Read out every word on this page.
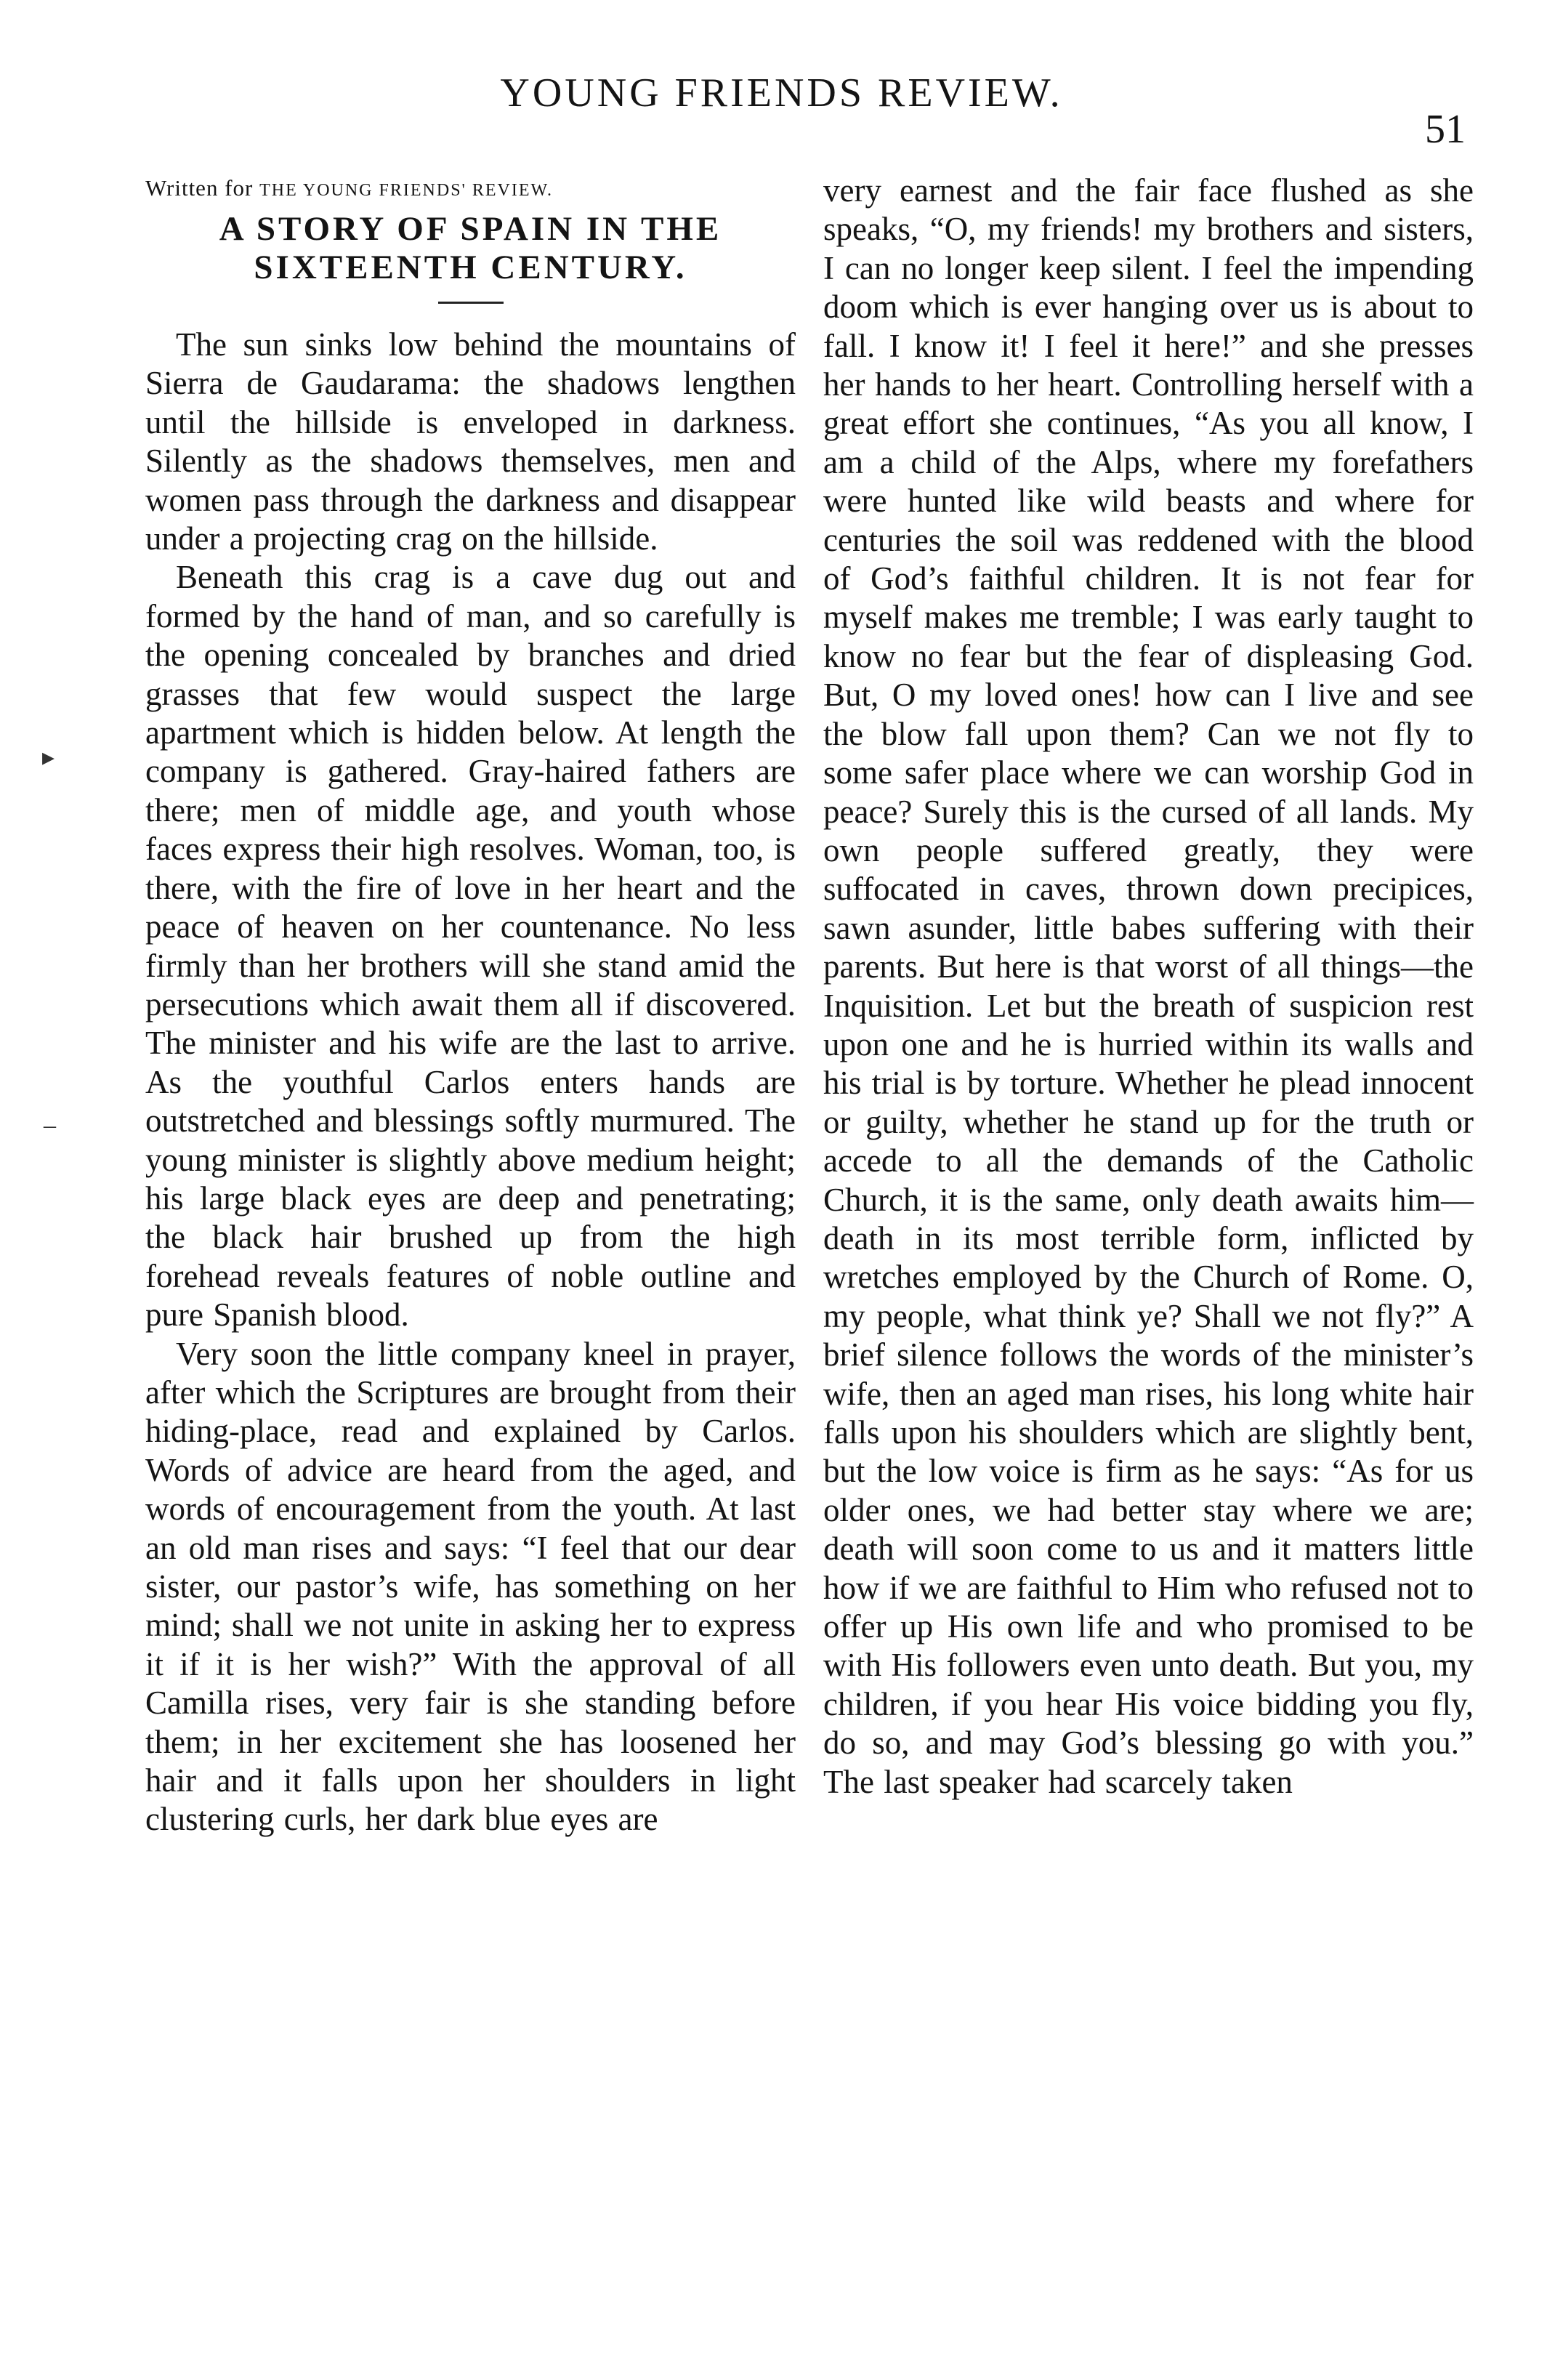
YOUNG FRIENDS REVIEW.
51
▸
–
Written for THE YOUNG FRIENDS' REVIEW.
A STORY OF SPAIN IN THE
SIXTEENTH CENTURY.

The sun sinks low behind the mountains of Sierra de Gaudarama: the shadows lengthen until the hillside is enveloped in darkness. Silently as the shadows themselves, men and women pass through the darkness and disappear under a projecting crag on the hillside.

Beneath this crag is a cave dug out and formed by the hand of man, and so carefully is the opening concealed by branches and dried grasses that few would suspect the large apartment which is hidden below. At length the company is gathered. Gray-haired fathers are there; men of middle age, and youth whose faces express their high resolves. Woman, too, is there, with the fire of love in her heart and the peace of heaven on her countenance. No less firmly than her brothers will she stand amid the persecutions which await them all if discovered. The minister and his wife are the last to arrive. As the youthful Carlos enters hands are outstretched and blessings softly murmured. The young minister is slightly above medium height; his large black eyes are deep and penetrating; the black hair brushed up from the high forehead reveals features of noble outline and pure Spanish blood.

Very soon the little company kneel in prayer, after which the Scriptures are brought from their hiding-place, read and explained by Carlos. Words of advice are heard from the aged, and words of encouragement from the youth. At last an old man rises and says: “I feel that our dear sister, our pastor’s wife, has something on her mind; shall we not unite in asking her to express it if it is her wish?” With the approval of all Camilla rises, very fair is she standing before them; in her excitement she has loosened her hair and it falls upon her shoulders in light clustering curls, her dark blue eyes are

very earnest and the fair face flushed as she speaks, “O, my friends! my brothers and sisters, I can no longer keep silent. I feel the impending doom which is ever hanging over us is about to fall. I know it! I feel it here!” and she presses her hands to her heart. Controlling herself with a great effort she continues, “As you all know, I am a child of the Alps, where my forefathers were hunted like wild beasts and where for centuries the soil was reddened with the blood of God’s faithful children. It is not fear for myself makes me tremble; I was early taught to know no fear but the fear of displeasing God. But, O my loved ones! how can I live and see the blow fall upon them? Can we not fly to some safer place where we can worship God in peace? Surely this is the cursed of all lands. My own people suffered greatly, they were suffocated in caves, thrown down precipices, sawn asunder, little babes suffering with their parents. But here is that worst of all things—the Inquisition. Let but the breath of suspicion rest upon one and he is hurried within its walls and his trial is by torture. Whether he plead innocent or guilty, whether he stand up for the truth or accede to all the demands of the Catholic Church, it is the same, only death awaits him—death in its most terrible form, inflicted by wretches employed by the Church of Rome. O, my people, what think ye? Shall we not fly?” A brief silence follows the words of the minister’s wife, then an aged man rises, his long white hair falls upon his shoulders which are slightly bent, but the low voice is firm as he says: “As for us older ones, we had better stay where we are; death will soon come to us and it matters little how if we are faithful to Him who refused not to offer up His own life and who promised to be with His followers even unto death. But you, my children, if you hear His voice bidding you fly, do so, and may God’s blessing go with you.” The last speaker had scarcely taken
